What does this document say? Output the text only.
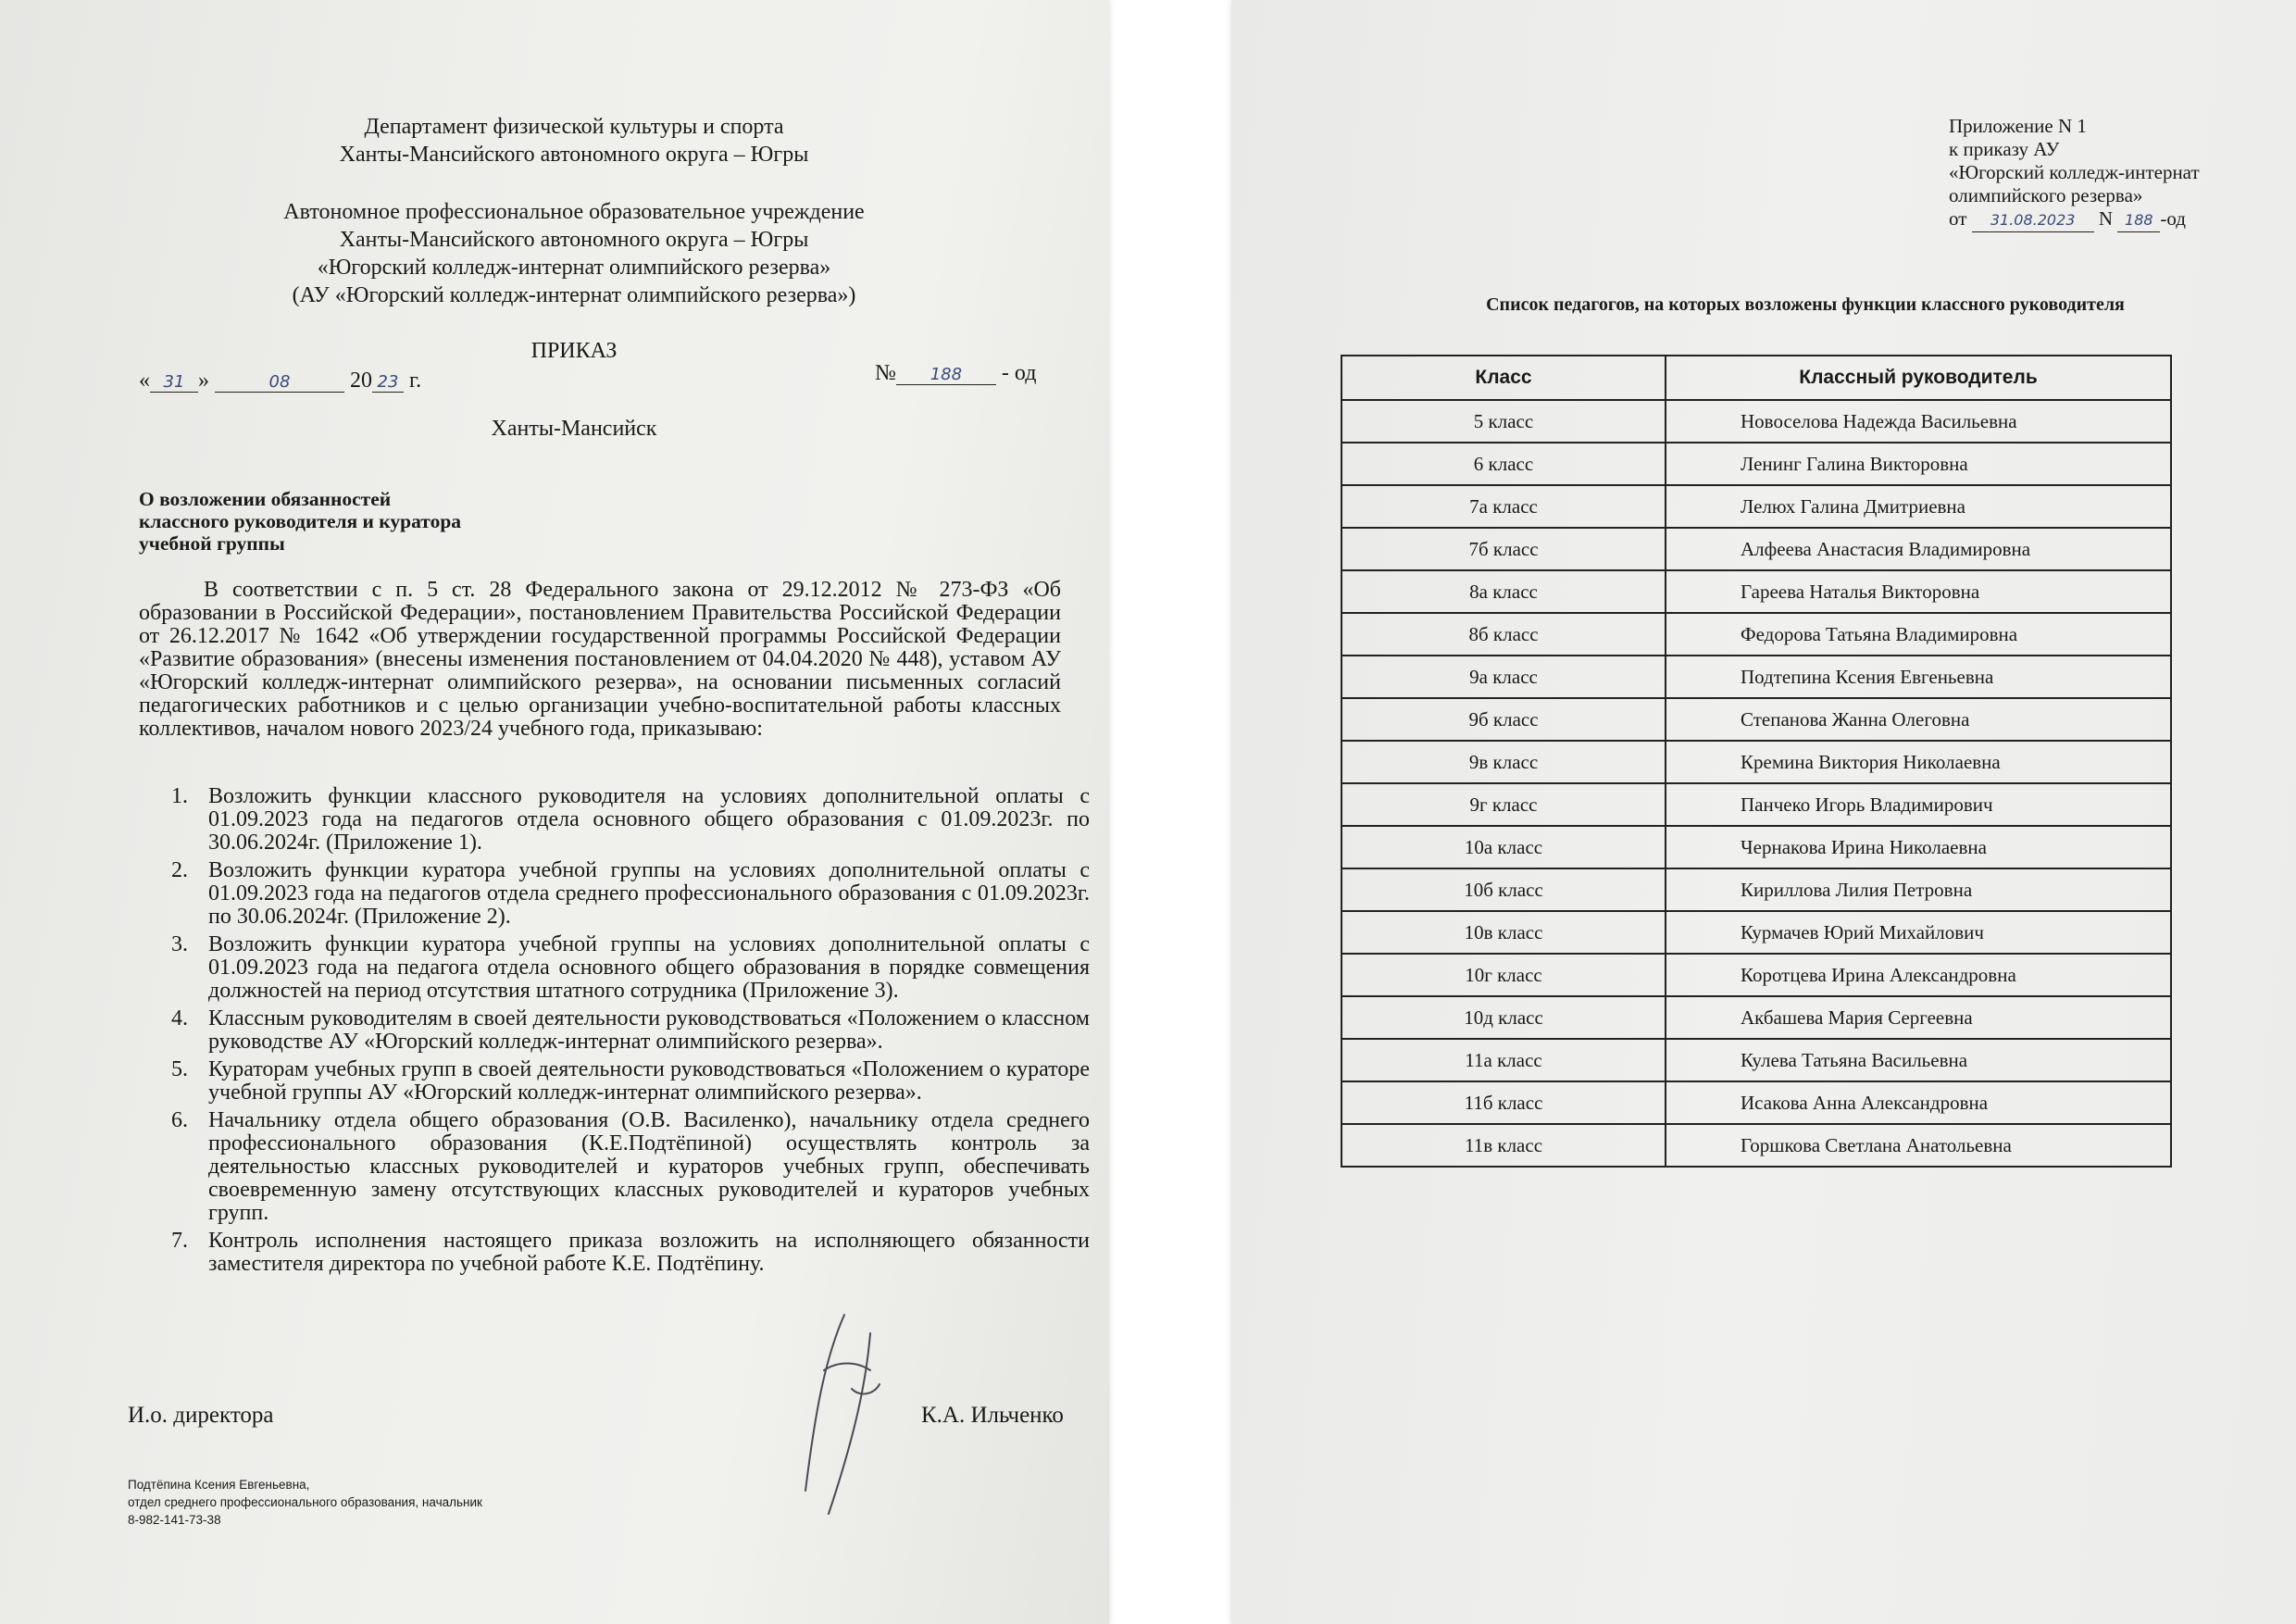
Департамент физической культуры и спорта
Ханты-Мансийского автономного округа – Югры
Автономное профессиональное образовательное учреждение
Ханты-Мансийского автономного округа – Югры
«Югорский колледж-интернат олимпийского резерва»
(АУ «Югорский колледж-интернат олимпийского резерва»)
ПРИКАЗ
« 31 »	08	20 23 г.	№ 188 - од
Ханты-Мансийск
О возложении обязанностей
классного руководителя и куратора
учебной группы
В соответствии с п. 5 ст. 28 Федерального закона от 29.12.2012 № 273-ФЗ «Об образовании в Российской Федерации», постановлением Правительства Российской Федерации от 26.12.2017 № 1642 «Об утверждении государственной программы Российской Федерации «Развитие образования» (внесены изменения постановлением от 04.04.2020 № 448), уставом АУ «Югорский колледж-интернат олимпийского резерва», на основании письменных согласий педагогических работников и с целью организации учебно-воспитательной работы классных коллективов, началом нового 2023/24 учебного года, приказываю:
1. Возложить функции классного руководителя на условиях дополнительной оплаты с 01.09.2023 года на педагогов отдела основного общего образования с 01.09.2023г. по 30.06.2024г. (Приложение 1).
2. Возложить функции куратора учебной группы на условиях дополнительной оплаты с 01.09.2023 года на педагогов отдела среднего профессионального образования с 01.09.2023г. по 30.06.2024г. (Приложение 2).
3. Возложить функции куратора учебной группы на условиях дополнительной оплаты с 01.09.2023 года на педагога отдела основного общего образования в порядке совмещения должностей на период отсутствия штатного сотрудника (Приложение 3).
4. Классным руководителям в своей деятельности руководствоваться «Положением о классном руководстве АУ «Югорский колледж-интернат олимпийского резерва».
5. Кураторам учебных групп в своей деятельности руководствоваться «Положением о кураторе учебной группы АУ «Югорский колледж-интернат олимпийского резерва».
6. Начальнику отдела общего образования (О.В. Василенко), начальнику отдела среднего профессионального образования (К.Е.Подтёпиной) осуществлять контроль за деятельностью классных руководителей и кураторов учебных групп, обеспечивать своевременную замену отсутствующих классных руководителей и кураторов учебных групп.
7. Контроль исполнения настоящего приказа возложить на исполняющего обязанности заместителя директора по учебной работе К.Е. Подтёпину.
И.о. директора	К.А. Ильченко
Подтёпина Ксения Евгеньевна,
отдел среднего профессионального образования, начальник
8-982-141-73-38
Приложение N 1
к приказу АУ
«Югорский колледж-интернат
олимпийского резерва»
от 31.08.2023 N 188 -од
Список педагогов, на которых возложены функции классного руководителя
Класс	Классный руководитель
5 класс	Новоселова Надежда Васильевна
6 класс	Ленинг Галина Викторовна
7а класс	Лелюх Галина Дмитриевна
7б класс	Алфеева Анастасия Владимировна
8а класс	Гареева Наталья Викторовна
8б класс	Федорова Татьяна Владимировна
9а класс	Подтепина Ксения Евгеньевна
9б класс	Степанова Жанна Олеговна
9в класс	Кремина Виктория Николаевна
9г класс	Панчеко Игорь Владимирович
10а класс	Чернакова Ирина Николаевна
10б класс	Кириллова Лилия Петровна
10в класс	Курмачев Юрий Михайлович
10г класс	Коротцева Ирина Александровна
10д класс	Акбашева Мария Сергеевна
11а класс	Кулева Татьяна Васильевна
11б класс	Исакова Анна Александровна
11в класс	Горшкова Светлана Анатольевна
